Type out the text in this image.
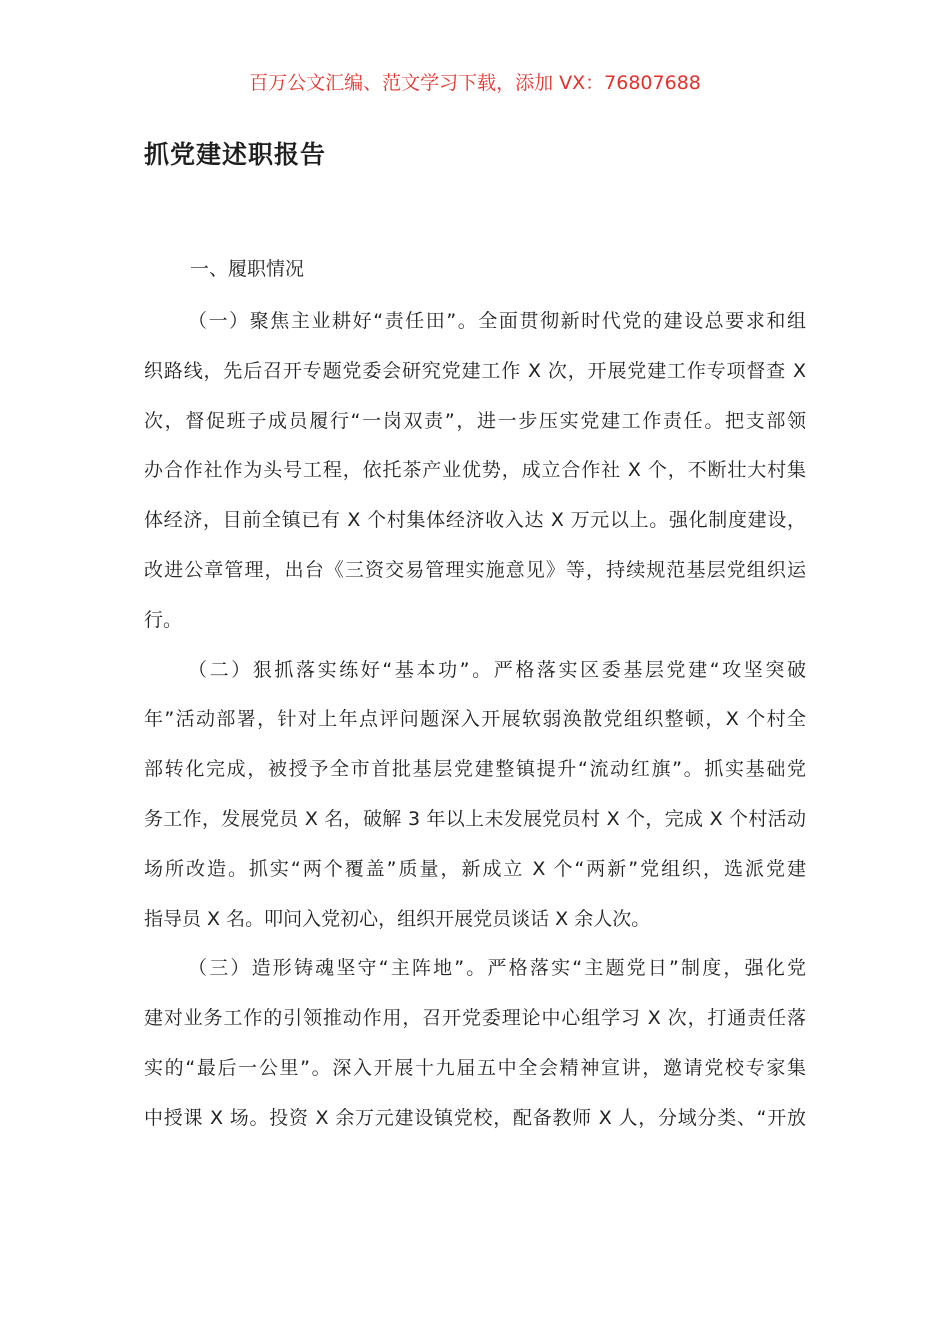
百万公文汇编、范文学习下载，添加 VX：76807688
抓党建述职报告
一、履职情况
（一）聚焦主业耕好“责任田”。全面贯彻新时代党的建设总要求和组
织路线，先后召开专题党委会研究党建工作 X 次，开展党建工作专项督查 X
次，督促班子成员履行“一岗双责”，进一步压实党建工作责任。把支部领
办合作社作为头号工程，依托茶产业优势，成立合作社 X 个，不断壮大村集
体经济，目前全镇已有 X 个村集体经济收入达 X 万元以上。强化制度建设，
改进公章管理，出台《三资交易管理实施意见》等，持续规范基层党组织运
行。
（二）狠抓落实练好“基本功”。严格落实区委基层党建“攻坚突破
年”活动部署，针对上年点评问题深入开展软弱涣散党组织整顿，X 个村全
部转化完成，被授予全市首批基层党建整镇提升“流动红旗”。抓实基础党
务工作，发展党员 X 名，破解 3 年以上未发展党员村 X 个，完成 X 个村活动
场所改造。抓实“两个覆盖”质量，新成立 X 个“两新”党组织，选派党建
指导员 X 名。叩问入党初心，组织开展党员谈话 X 余人次。
（三）造形铸魂坚守“主阵地”。严格落实“主题党日”制度，强化党
建对业务工作的引领推动作用，召开党委理论中心组学习 X 次，打通责任落
实的“最后一公里”。深入开展十九届五中全会精神宣讲，邀请党校专家集
中授课 X 场。投资 X 余万元建设镇党校，配备教师 X 人，分域分类、“开放
